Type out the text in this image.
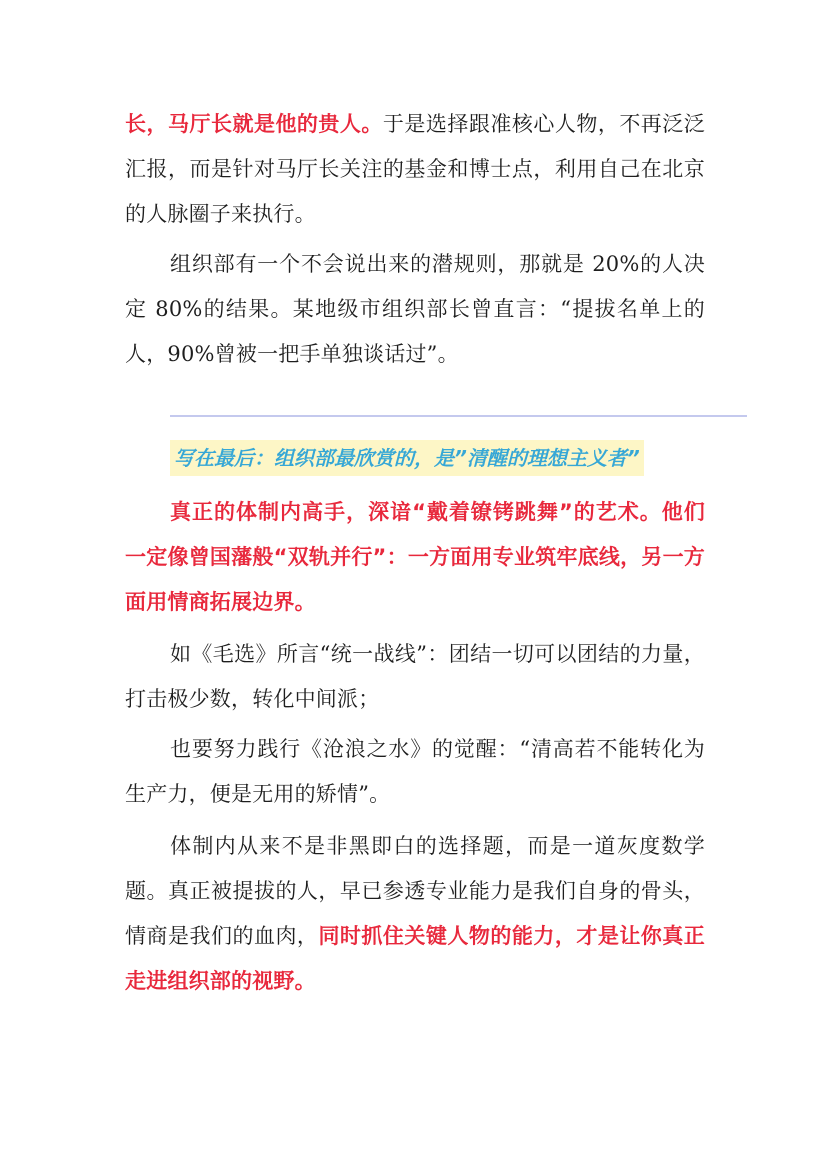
长，马厅长就是他的贵人。于是选择跟准核心人物，不再泛泛汇报，而是针对马厅长关注的基金和博士点，利用自己在北京的人脉圈子来执行。

组织部有一个不会说出来的潜规则，那就是 20%的人决定 80%的结果。某地级市组织部长曾直言：“提拔名单上的人，90%曾被一把手单独谈话过”。

写在最后：组织部最欣赏的，是”清醒的理想主义者”

真正的体制内高手，深谙“戴着镣铐跳舞”的艺术。他们一定像曾国藩般“双轨并行”：一方面用专业筑牢底线，另一方面用情商拓展边界。

如《毛选》所言“统一战线”：团结一切可以团结的力量，打击极少数，转化中间派；

也要努力践行《沧浪之水》的觉醒：“清高若不能转化为生产力，便是无用的矫情”。

体制内从来不是非黑即白的选择题，而是一道灰度数学题。真正被提拔的人，早已参透专业能力是我们自身的骨头，情商是我们的血肉，同时抓住关键人物的能力，才是让你真正走进组织部的视野。
